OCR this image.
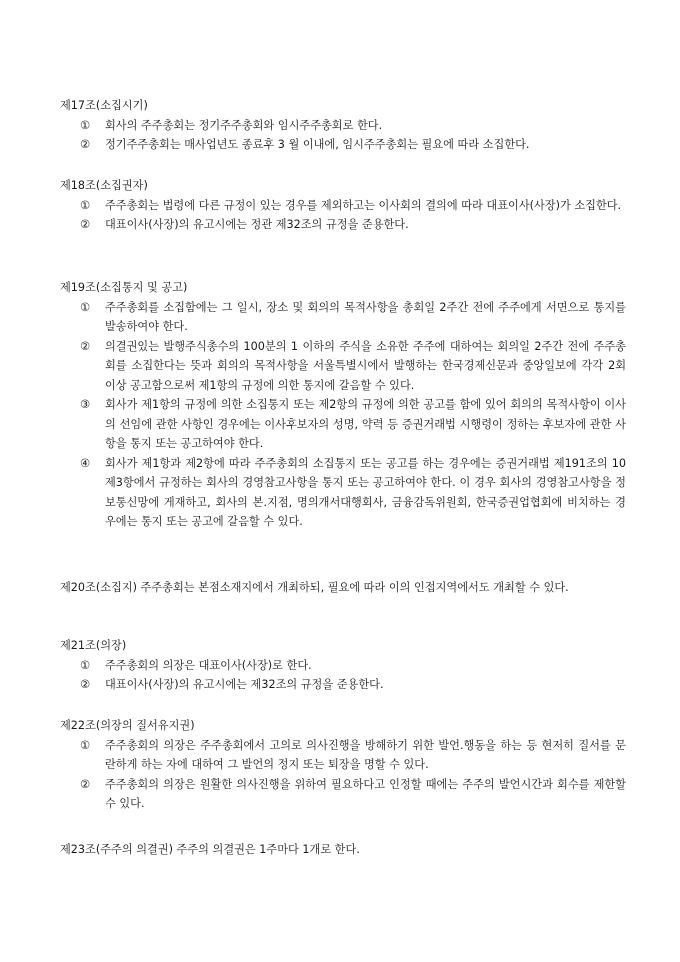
제17조(소집시기)
①	회사의 주주총회는 정기주주총회와 임시주주총회로 한다.
②	정기주주총회는 매사업년도 종료후 3 월 이내에, 임시주주총회는 필요에 따라 소집한다.
제18조(소집권자)
①	주주총회는 법령에 다른 규정이 있는 경우를 제외하고는 이사회의 결의에 따라 대표이사(사장)가 소집한다.
②	대표이사(사장)의 유고시에는 정관 제32조의 규정을 준용한다.
제19조(소집통지 및 공고)
①	주주총회를 소집함에는 그 일시, 장소 및 회의의 목적사항을 총회일 2주간 전에 주주에게 서면으로 통지를 발송하여야 한다.
②	의결권있는 발행주식총수의 100분의 1 이하의 주식을 소유한 주주에 대하여는 회의일 2주간 전에 주주총회를 소집한다는 뜻과 회의의 목적사항을 서울특별시에서 발행하는 한국경제신문과 중앙일보에 각각 2회 이상 공고함으로써 제1항의 규정에 의한 통지에 갈음할 수 있다.
③	회사가 제1항의 규정에 의한 소집통지 또는 제2항의 규정에 의한 공고를 함에 있어 회의의 목적사항이 이사의 선임에 관한 사항인 경우에는 이사후보자의 성명, 약력 등 증권거래법 시행령이 정하는 후보자에 관한 사항을 통지 또는 공고하여야 한다.
④	회사가 제1항과 제2항에 따라 주주총회의 소집통지 또는 공고를 하는 경우에는 증권거래법 제191조의 10 제3항에서 규정하는 회사의 경영참고사항을 통지 또는 공고하여야 한다. 이 경우 회사의 경영참고사항을 정보통신망에 게재하고, 회사의 본.지점, 명의개서대행회사, 금융감독위원회, 한국증권업협회에 비치하는 경우에는 통지 또는 공고에 갈음할 수 있다.
제20조(소집지) 주주총회는 본점소재지에서 개최하되, 필요에 따라 이의 인접지역에서도 개최할 수 있다.
제21조(의장)
①	주주총회의 의장은 대표이사(사장)로 한다.
②	대표이사(사장)의 유고시에는 제32조의 규정을 준용한다.
제22조(의장의 질서유지권)
①	주주총회의 의장은 주주총회에서 고의로 의사진행을 방해하기 위한 발언.행동을 하는 등 현저히 질서를 문란하게 하는 자에 대하여 그 발언의 정지 또는 퇴장을 명할 수 있다.
②	주주총회의 의장은 원활한 의사진행을 위하여 필요하다고 인정할 때에는 주주의 발언시간과 회수를 제한할 수 있다.
제23조(주주의 의결권) 주주의 의결권은 1주마다 1개로 한다.
